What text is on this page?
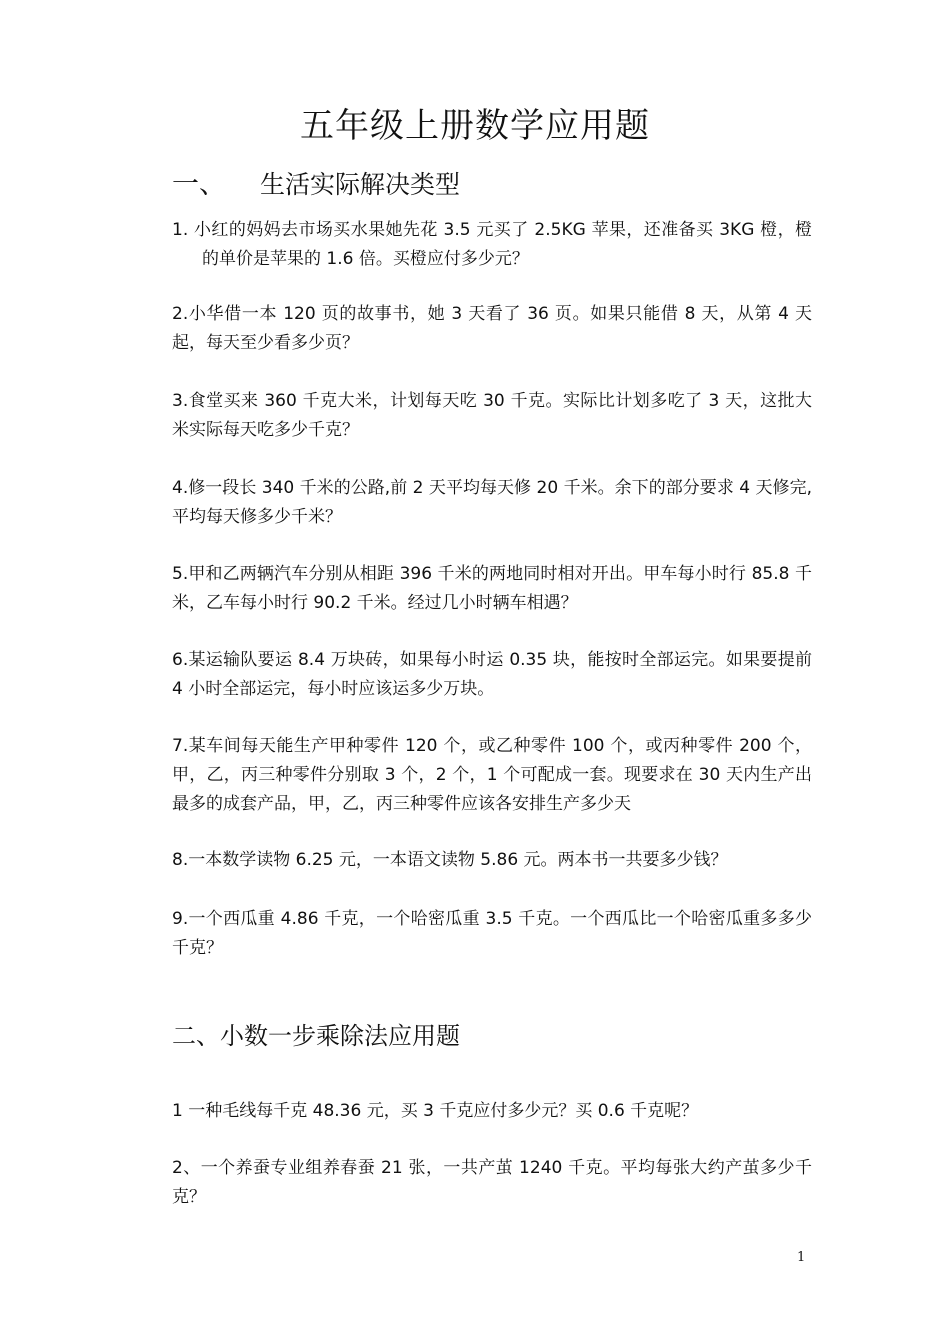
五年级上册数学应用题
一、 生活实际解决类型
1. 小红的妈妈去市场买水果她先花 3.5 元买了 2.5KG 苹果，还准备买 3KG 橙，橙的单价是苹果的 1.6 倍。买橙应付多少元？
2.小华借一本 120 页的故事书，她 3 天看了 36 页。如果只能借 8 天，从第 4 天起，每天至少看多少页？
3.食堂买来 360 千克大米，计划每天吃 30 千克。实际比计划多吃了 3 天，这批大米实际每天吃多少千克？
4.修一段长 340 千米的公路,前 2 天平均每天修 20 千米。余下的部分要求 4 天修完,平均每天修多少千米？
5.甲和乙两辆汽车分别从相距 396 千米的两地同时相对开出。甲车每小时行 85.8 千米，乙车每小时行 90.2 千米。经过几小时辆车相遇？
6.某运输队要运 8.4 万块砖，如果每小时运 0.35 块，能按时全部运完。如果要提前 4 小时全部运完，每小时应该运多少万块。
7.某车间每天能生产甲种零件 120 个，或乙种零件 100 个，或丙种零件 200 个，甲，乙，丙三种零件分别取 3 个，2 个，1 个可配成一套。现要求在 30 天内生产出最多的成套产品，甲，乙，丙三种零件应该各安排生产多少天
8.一本数学读物 6.25 元，一本语文读物 5.86 元。两本书一共要多少钱？
9.一个西瓜重 4.86 千克，一个哈密瓜重 3.5 千克。一个西瓜比一个哈密瓜重多多少千克？
二、小数一步乘除法应用题
1 一种毛线每千克 48.36 元，买 3 千克应付多少元？买 0.6 千克呢？
2、一个养蚕专业组养春蚕 21 张，一共产茧 1240 千克。平均每张大约产茧多少千克？
1
